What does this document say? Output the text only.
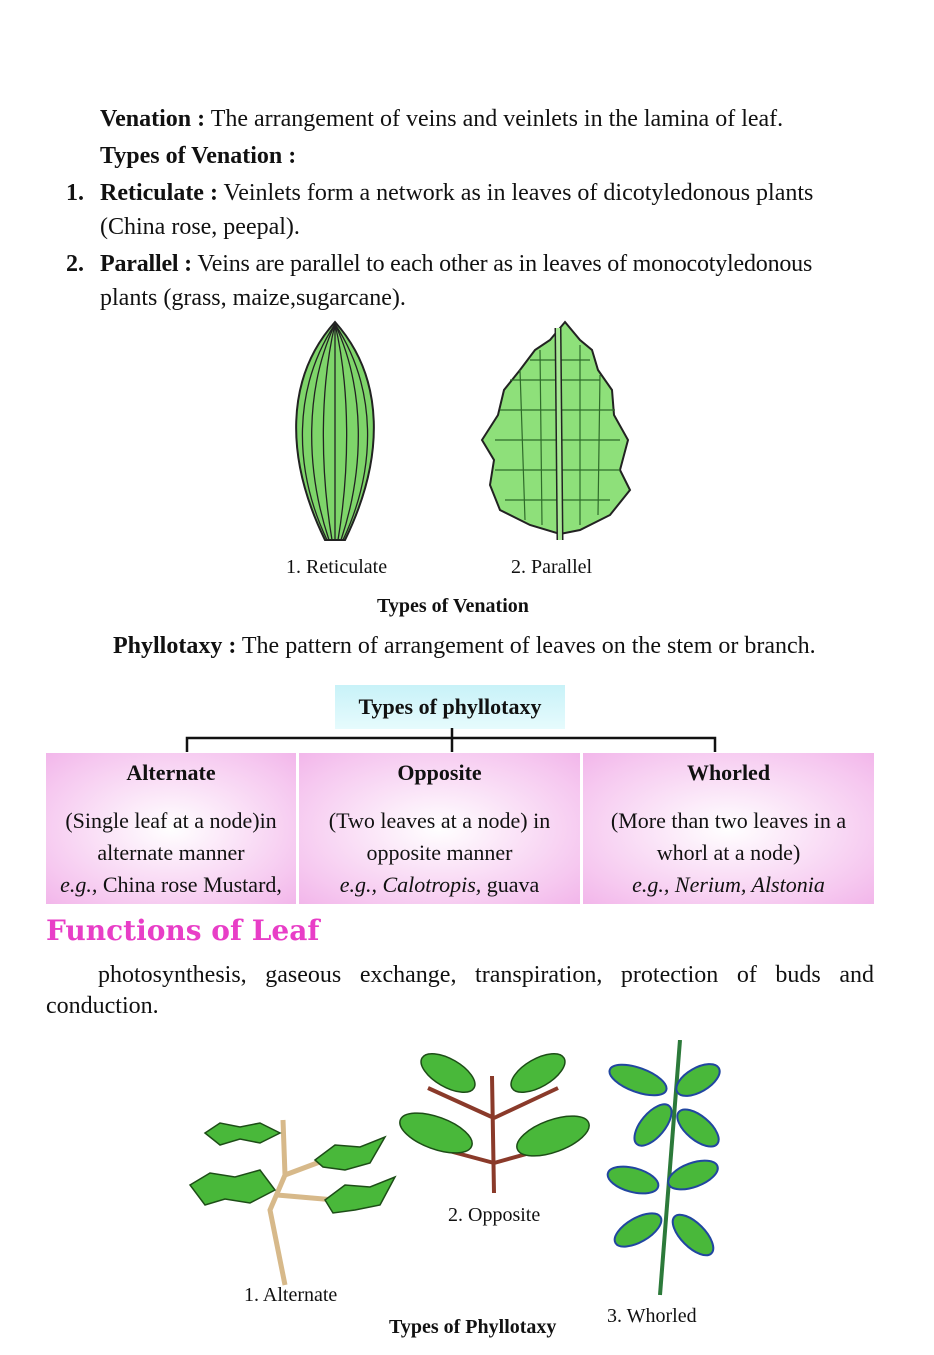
Venation : The arrangement of veins and veinlets in the lamina of leaf.
Types of Venation :
1. Reticulate : Veinlets form a network as in leaves of dicotyledonous plants
(China rose, peepal).
2. Parallel : Veins are parallel to each other as in leaves of monocotyledonous
plants (grass, maize,sugarcane).
1. Reticulate	2. Parallel
Types of Venation
Phyllotaxy : The pattern of arrangement of leaves on the stem or branch.
Types of phyllotaxy
Alternate
(Single leaf at a node)in
alternate manner
e.g., China rose Mustard,
Opposite
(Two leaves at a node) in
opposite manner
e.g., Calotropis, guava
Whorled
(More than two leaves in a
whorl at a node)
e.g., Nerium, Alstonia
Functions of Leaf
photosynthesis, gaseous exchange, transpiration, protection of buds and
conduction.
2. Opposite
1. Alternate
3. Whorled
Types of Phyllotaxy
